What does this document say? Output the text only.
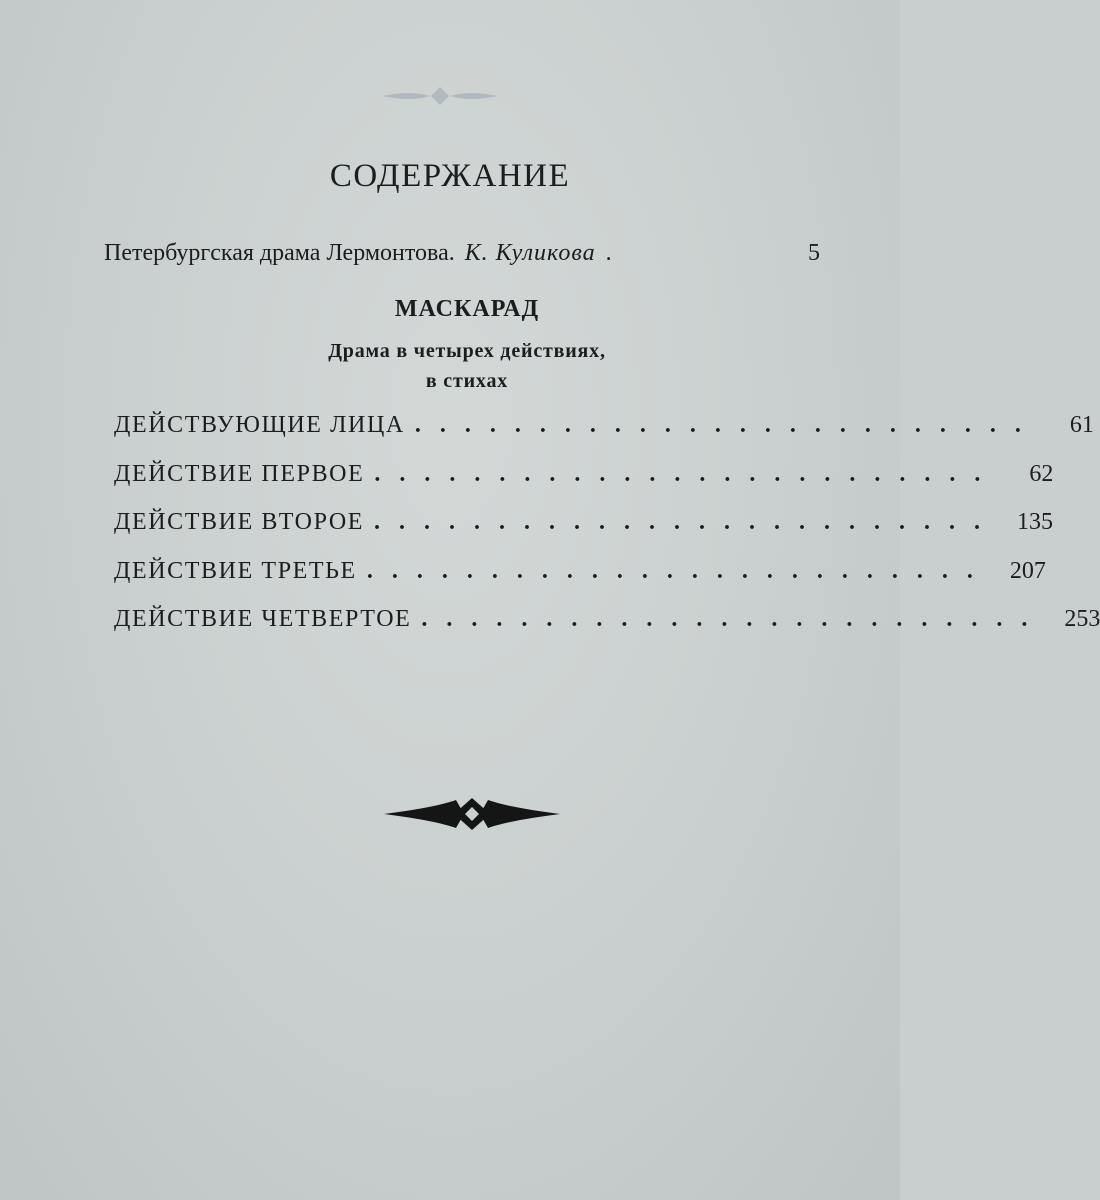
СОДЕРЖАНИЕ
Петербургская драма Лермонтова. К. Куликова .	5
МАСКАРАД
Драма в четырех действиях,
в стихах
ДЕЙСТВУЮЩИЕ ЛИЦА .........................	61
ДЕЙСТВИЕ ПЕРВОЕ .........................	62
ДЕЙСТВИЕ ВТОРОЕ ......................... 135
ДЕЙСТВИЕ ТРЕТЬЕ ......................... 207
ДЕЙСТВИЕ ЧЕТВЕРТОЕ ......................... 253
